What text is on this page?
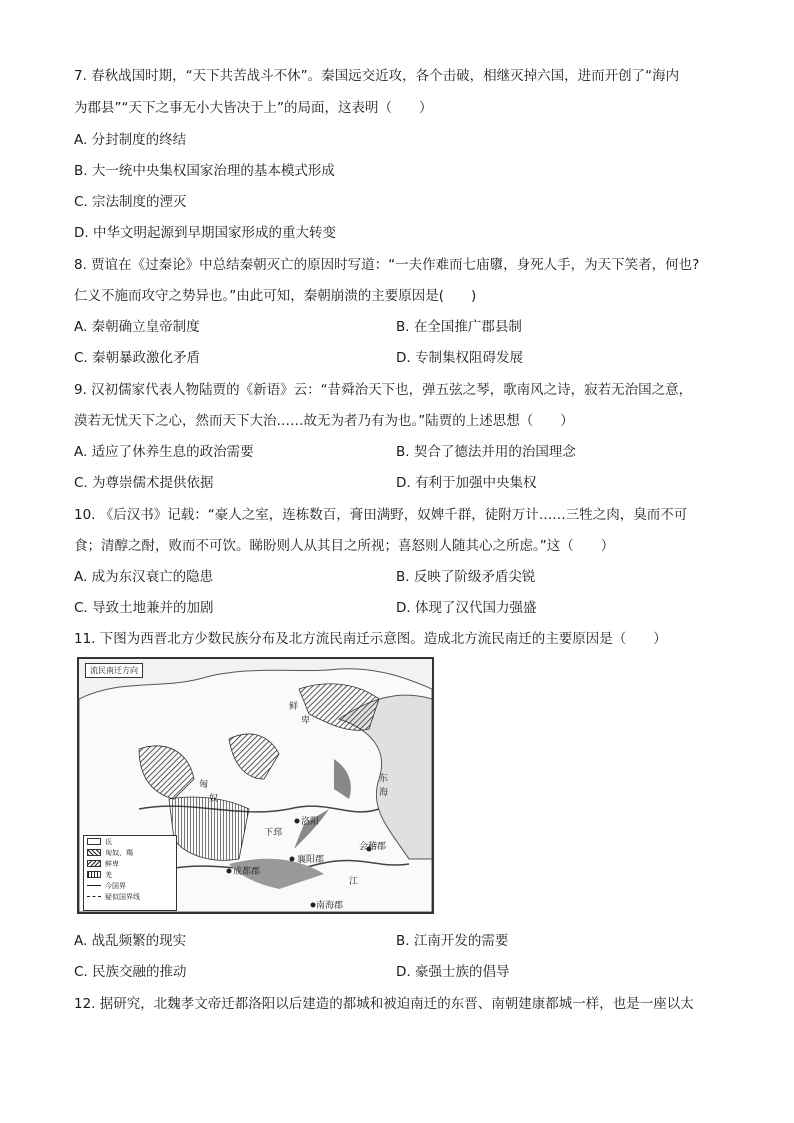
7. 春秋战国时期，“天下共苦战斗不休”。秦国远交近攻，各个击破，相继灭掉六国，进而开创了“海内
为郡县”“天下之事无小大皆决于上”的局面，这表明（　　）
A. 分封制度的终结
B. 大一统中央集权国家治理的基本模式形成
C. 宗法制度的湮灭
D. 中华文明起源到早期国家形成的重大转变
8. 贾谊在《过秦论》中总结秦朝灭亡的原因时写道：“一夫作难而七庙隳，身死人手，为天下笑者，何也?
仁义不施而攻守之势异也。”由此可知，秦朝崩溃的主要原因是(　　)
A. 秦朝确立皇帝制度	B. 在全国推广郡县制
C. 秦朝暴政激化矛盾	D. 专制集权阻碍发展
9. 汉初儒家代表人物陆贾的《新语》云：“昔舜治天下也，弹五弦之琴，歌南风之诗，寂若无治国之意，
漠若无忧天下之心，然而天下大治……故无为者乃有为也。”陆贾的上述思想（　　）
A. 适应了休养生息的政治需要	B. 契合了德法并用的治国理念
C. 为尊崇儒术提供依据	D. 有利于加强中央集权
10. 《后汉书》记载：“豪人之室，连栋数百，膏田满野，奴婢千群，徒附万计……三牲之肉，臭而不可
食；清醇之酎，败而不可饮。睇盼则人从其目之所视；喜怒则人随其心之所虑。”这（　　）
A. 成为东汉衰亡的隐患	B. 反映了阶级矛盾尖锐
C. 导致土地兼并的加剧	D. 体现了汉代国力强盛
11. 下图为西晋北方少数民族分布及北方流民南迁示意图。造成北方流民南迁的主要原因是（　　）
流民南迁方向
洛阳
襄阳郡
成都郡
南海郡
会稽郡
下邳
鲜
卑
匈
奴
东
海
江
氐
匈奴、羯
鲜卑
羌
今国界
疑似国界线
A. 战乱频繁的现实	B. 江南开发的需要
C. 民族交融的推动	D. 豪强士族的倡导
12. 据研究，北魏孝文帝迁都洛阳以后建造的都城和被迫南迁的东晋、南朝建康都城一样，也是一座以太
